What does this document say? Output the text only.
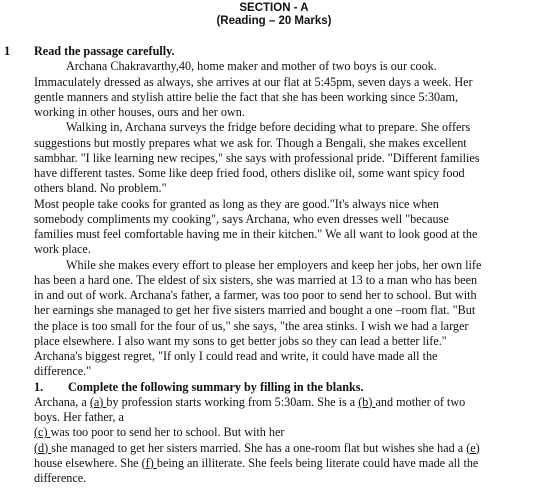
SECTION - A
(Reading – 20 Marks)
1 Read the passage carefully.

Archana Chakravarthy,40, home maker and mother of two boys is our cook.
Immaculately dressed as always, she arrives at our flat at 5:45pm, seven days a week. Her
gentle manners and stylish attire belie the fact that she has been working since 5:30am,
working in other houses, ours and her own.

Walking in, Archana surveys the fridge before deciding what to prepare. She offers
suggestions but mostly prepares what we ask for. Though a Bengali, she makes excellent
sambhar. "I like learning new recipes," she says with professional pride. "Different families
have different tastes. Some like deep fried food, others dislike oil, some want spicy food
others bland. No problem."

Most people take cooks for granted as long as they are good."It's always nice when
somebody compliments my cooking", says Archana, who even dresses well "because
families must feel comfortable having me in their kitchen." We all want to look good at the
work place.

While she makes every effort to please her employers and keep her jobs, her own life
has been a hard one. The eldest of six sisters, she was married at 13 to a man who has been
in and out of work. Archana's father, a farmer, was too poor to send her to school. But with
her earnings she managed to get her five sisters married and bought a one –room flat. "But
the place is too small for the four of us," she says, "the area stinks. I wish we had a larger
place elsewhere. I also want my sons to get better jobs so they can lead a better life."
Archana's biggest regret, "If only I could read and write, it could have made all the
difference."

1. Complete the following summary by filling in the blanks.

Archana, a (a) by profession starts working from 5:30am. She is a (b) and mother of two
boys. Her father, a
(c) was too poor to send her to school. But with her
(d) she managed to get her sisters married. She has a one-room flat but wishes she had a (e)
house elsewhere. She (f) being an illiterate. She feels being literate could have made all the
difference.
